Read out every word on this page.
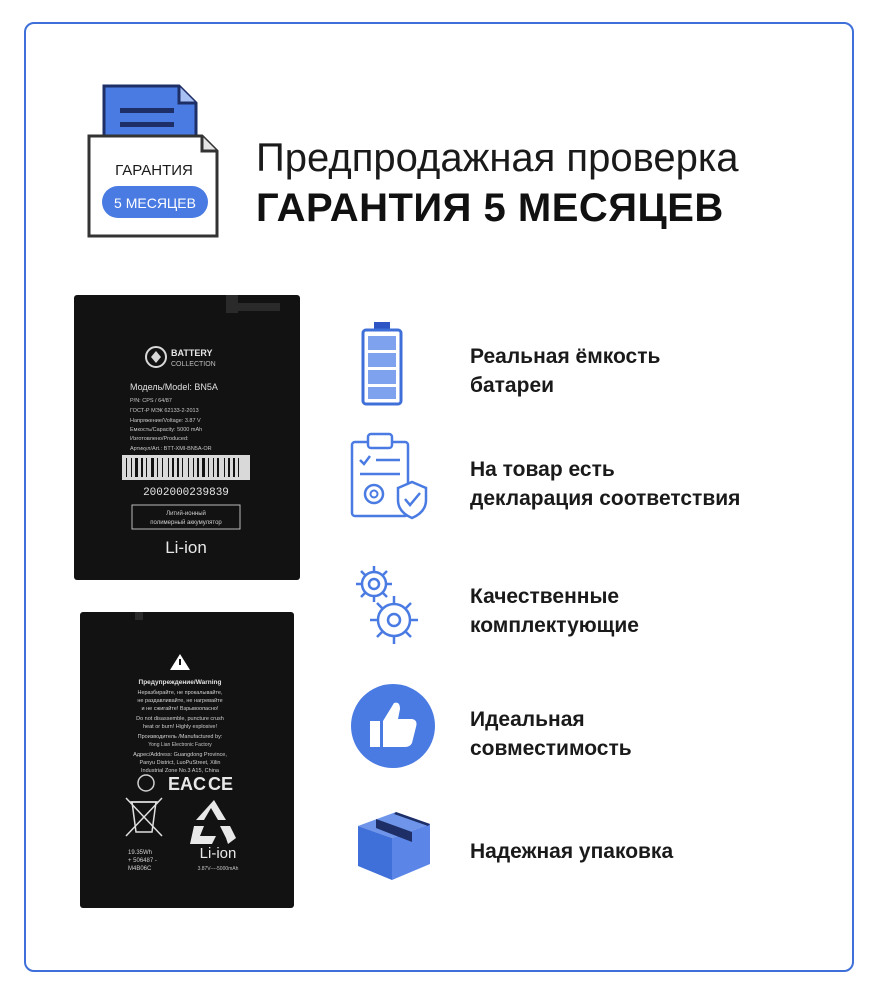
ГАРАНТИЯ
5 МЕСЯЦЕВ
Предпродажная проверка
ГАРАНТИЯ 5 МЕСЯЦЕВ
BATTERY
COLLECTION
Модель/Model: BN5A
P/N: CPS / 64/87
ГОСТ-Р МЭК 62133-2-2013
Напряжение/Voltage: 3.87 V
Емкость/Capacity: 5000 mAh
Изготовлено/Produced:
Артикул/Art.: BTT-XMI-BN5A-OR
2002000239839
Литий-ионный
полимерный аккумулятор
Li-ion
Предупреждение/Warning
Неразбирайте, не прокалывайте,
не раздавливайте, не нагревайте
и не сжигайте! Взрывоопасно!
Do not disassemble, puncture crush
heat or burn! Highly explosive!
Производитель /Manufactured by:
Yong Lian Electronic Factory
Адрес/Address: Guangdong Province,
Panyu District, LuoPuStreet, Xilin
Industrial Zone No.3 A15, China
EAC CE
19.35Wh
+ 506487 -
M4B06C
Li-ion
3.87V----5000mAh
Реальная ёмкость
батареи
На товар есть
декларация соответствия
Качественные
комплектующие
Идеальная
совместимость
Надежная упаковка
